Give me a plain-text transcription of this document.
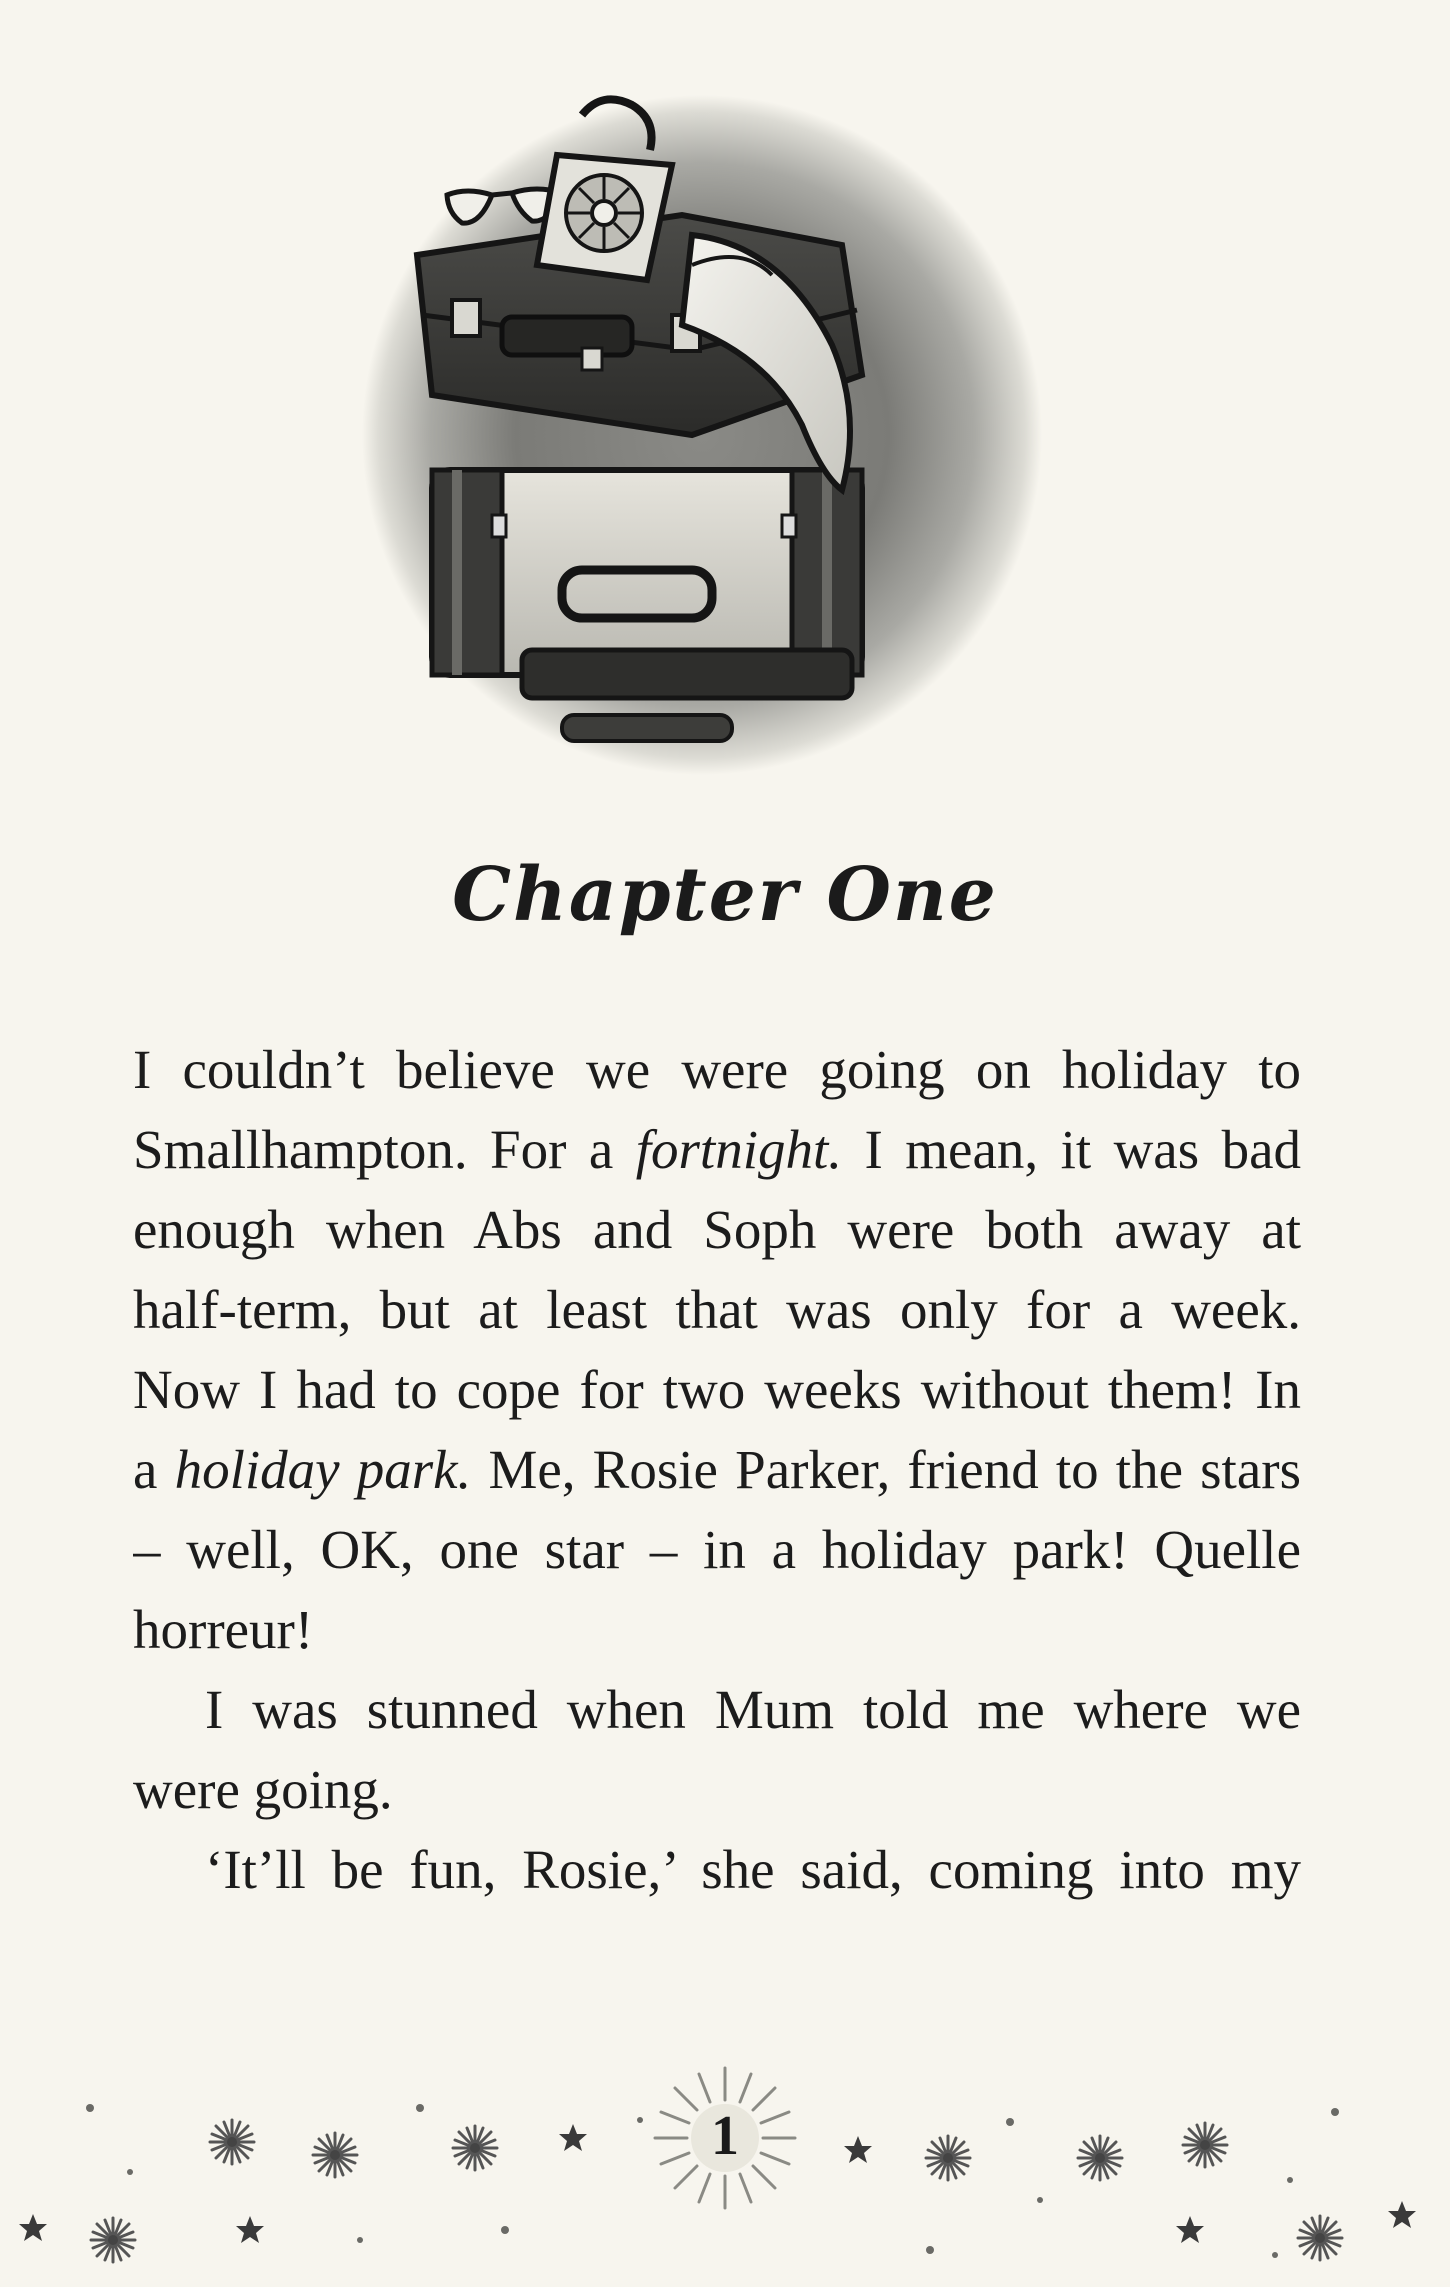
Chapter One
I couldn’t believe we were going on holiday to
Smallhampton. For a fortnight. I mean, it was bad
enough when Abs and Soph were both away at
half-term, but at least that was only for a week.
Now I had to cope for two weeks without them! In
a holiday park. Me, Rosie Parker, friend to the stars
– well, OK, one star – in a holiday park! Quelle
horreur!
I was stunned when Mum told me where we
were going.
‘It’ll be fun, Rosie,’ she said, coming into my
1
